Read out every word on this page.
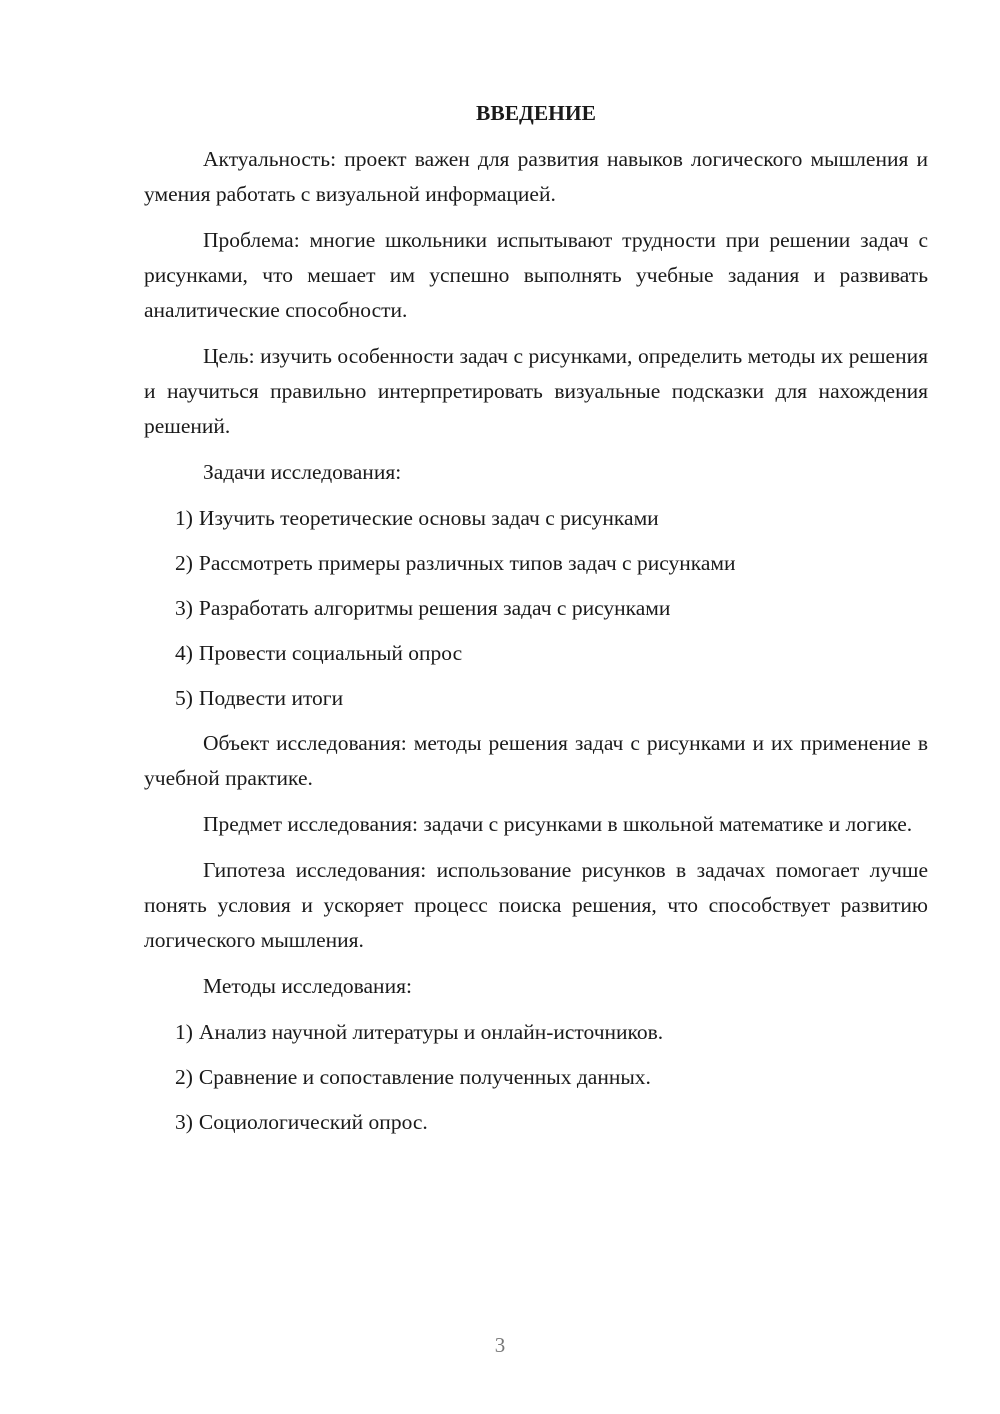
ВВЕДЕНИЕ

Актуальность: проект важен для развития навыков логического мышления и умения работать с визуальной информацией.

Проблема: многие школьники испытывают трудности при решении задач с рисунками, что мешает им успешно выполнять учебные задания и развивать аналитические способности.

Цель: изучить особенности задач с рисунками, определить методы их решения и научиться правильно интерпретировать визуальные подсказки для нахождения решений.

Задачи исследования:

1) Изучить теоретические основы задач с рисунками
2) Рассмотреть примеры различных типов задач с рисунками
3) Разработать алгоритмы решения задач с рисунками
4) Провести социальный опрос
5) Подвести итоги

Объект исследования: методы решения задач с рисунками и их применение в учебной практике.

Предмет исследования: задачи с рисунками в школьной математике и логике.

Гипотеза исследования: использование рисунков в задачах помогает лучше понять условия и ускоряет процесс поиска решения, что способствует развитию логического мышления.

Методы исследования:

1) Анализ научной литературы и онлайн-источников.
2) Сравнение и сопоставление полученных данных.
3) Социологический опрос.
3
